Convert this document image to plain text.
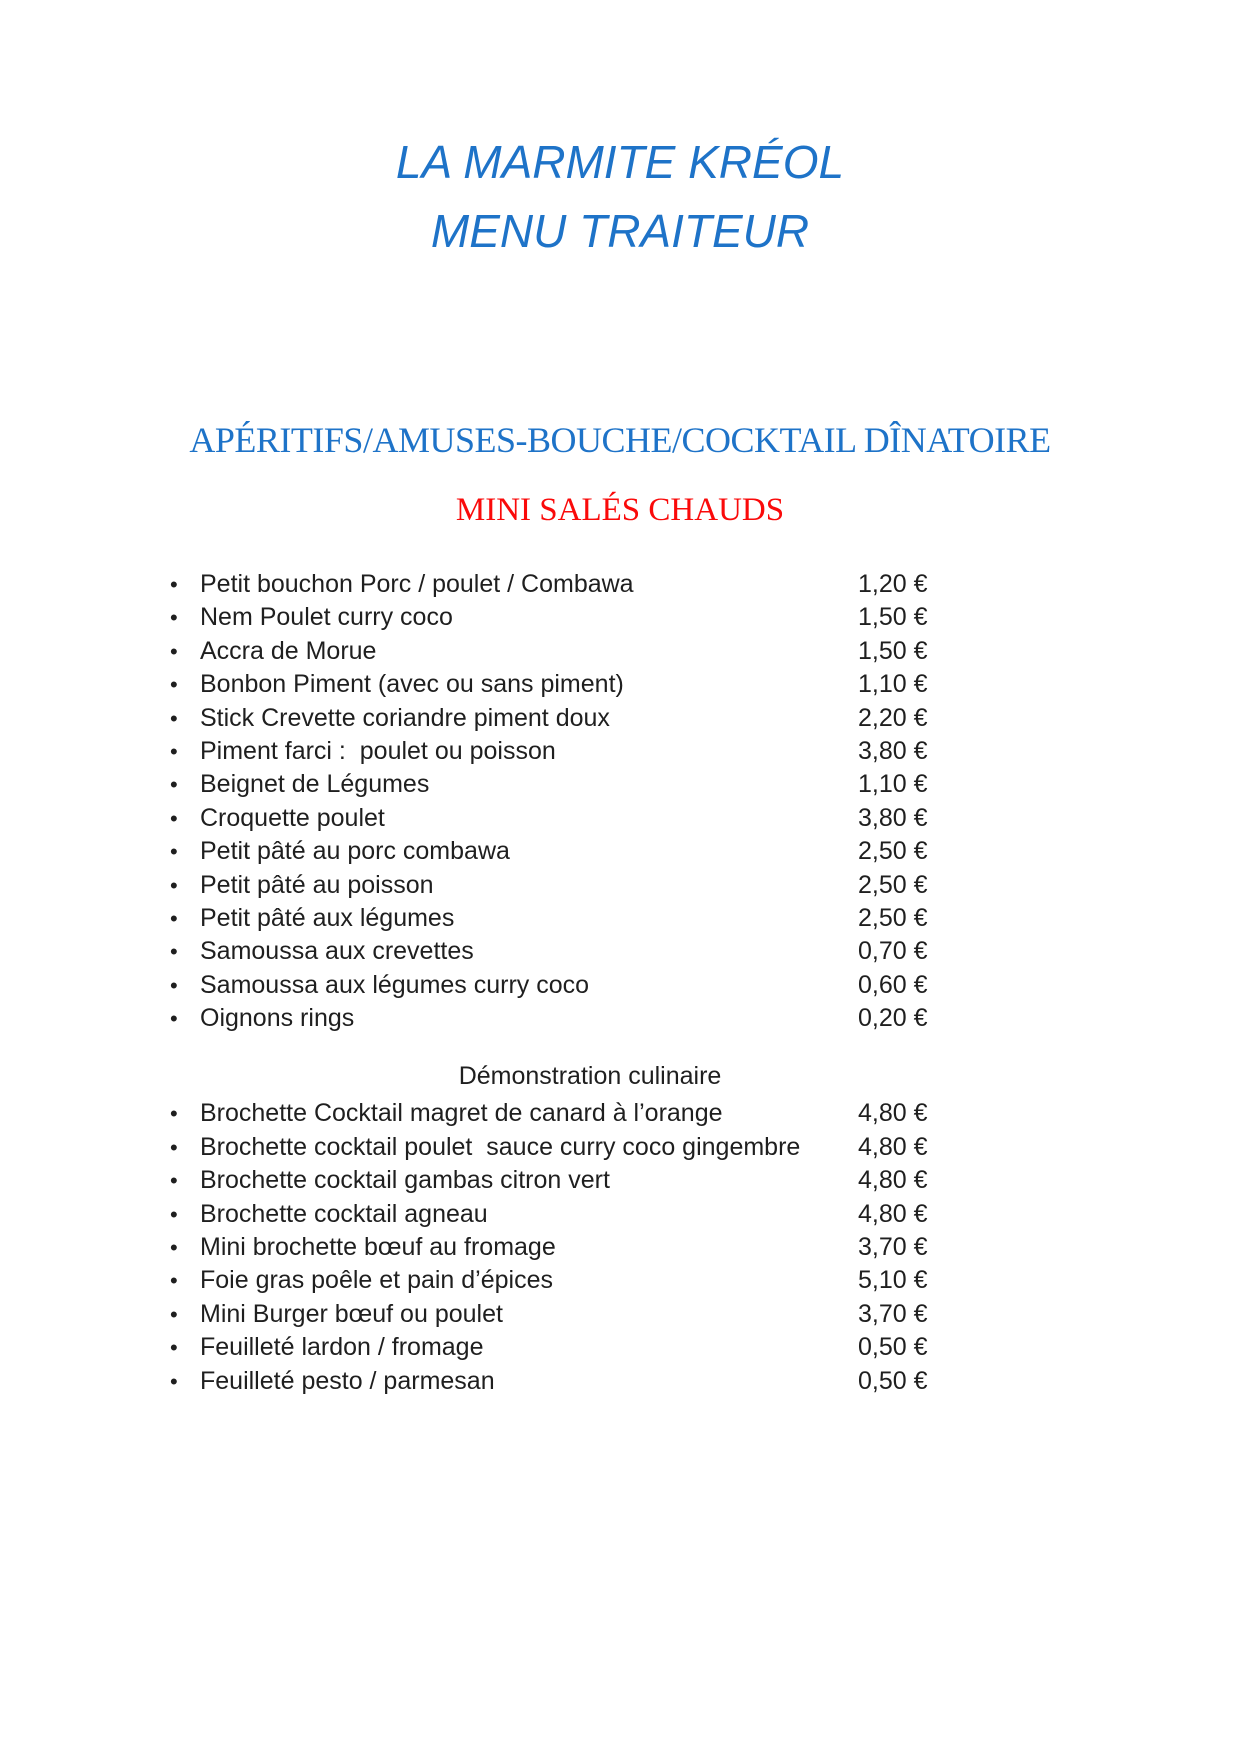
LA MARMITE KRÉOL
MENU TRAITEUR
APÉRITIFS/AMUSES-BOUCHE/COCKTAIL DÎNATOIRE
MINI SALÉS CHAUDS
• Petit bouchon Porc / poulet / Combawa	1,20 €
• Nem Poulet curry coco	1,50 €
• Accra de Morue	1,50 €
• Bonbon Piment (avec ou sans piment)	1,10 €
• Stick Crevette coriandre piment doux	2,20 €
• Piment farci :  poulet ou poisson	3,80 €
• Beignet de Légumes	1,10 €
• Croquette poulet	3,80 €
• Petit pâté au porc combawa	2,50 €
• Petit pâté au poisson	2,50 €
• Petit pâté aux légumes	2,50 €
• Samoussa aux crevettes	0,70 €
• Samoussa aux légumes curry coco	0,60 €
• Oignons rings	0,20 €
Démonstration culinaire
• Brochette Cocktail magret de canard à l’orange	4,80 €
• Brochette cocktail poulet  sauce curry coco gingembre	4,80 €
• Brochette cocktail gambas citron vert	4,80 €
• Brochette cocktail agneau	4,80 €
• Mini brochette bœuf au fromage	3,70 €
• Foie gras poêle et pain d’épices	5,10 €
• Mini Burger bœuf ou poulet	3,70 €
• Feuilleté lardon / fromage	0,50 €
• Feuilleté pesto / parmesan	0,50 €
